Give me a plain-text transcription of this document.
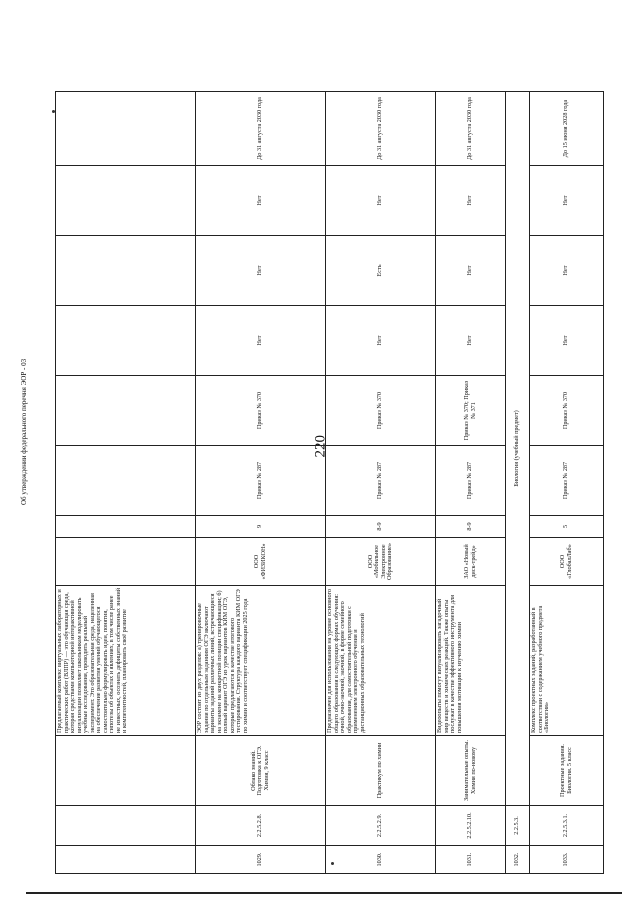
220
			Предлагаемый комплекс виртуальных лабораторных и практических работ (ВЛПР) — это обучающая среда, которая средствами компьютерной интерактивной визуализации позволяет школьникам моделировать учебные исследования, проводить реальный эксперимент. Это образовательная среда, нацеленная на обеспечение развития умений обучающегося самостоятельно формулировать идеи, понятия, гипотезы об объектах и явлениях, в том числе ранее не известных, осознать дефициты собственных знаний и компетентностей, планировать своё развитие								
1029.	2.2.5.2.8.	Облако знаний. Подготовка к ОГЭ. Химия, 9 класс	ЭОР состоит из двух разделов: а) тренировочные задания по отдельным заданиям ОГЭ включают варианты заданий различных линий, встречающиеся на экзамене на конкретной позиции спецификации; б) полный вариант ОГЭ из урок вариантов КИМ ОГЭ, которые предлагаются в качестве итогового тестирования. Структура каждого варианта КИМ ОГЭ по химии и соответствует спецификации 2025 года	ООО «ФИЗИКОН»	9	Приказ № 287	Приказ № 370	Нет	Нет	Нет	До 31 августа 2030 года
1030.	2.2.5.2.9.	Практикум по химии	Предназначен для использования на уровне основного общего образования в следующих формах обучения: очной, очно-заочной, заочной, в форме семейного образования, для самостоятельной подготовки с применением электронного обучения и дистанционных образовательных технологий	ООО «Мобильное Электронное Образование»	8-9	Приказ № 287	Приказ № 370	Нет	Есть	Нет	До 31 августа 2030 года
1031.	2.2.5.2.10.	Занимательные опыты. Химия по-новому	Видеоопыты помогут визуализировать загадочный мир веществ и химических реакций. Также опыты послужат в качестве эффективного инструмента для повышения мотивации к изучению химии	ЗАО «Новый диск-трейд»	8-9	Приказ № 287	Приказ № 370; Приказ № 371	Нет	Нет	Нет	До 31 августа 2030 года
1032.	2.2.5.3.	Биология (учебный предмет)									
1033.	2.2.5.3.1.	Проектные задания. Биология. 5 класс	Комплекс проектных заданий, разработанный в соответствии с содержанием учебного предмета «Биология»	ООО «ГлобалЛаб»	5	Приказ № 287	Приказ № 370	Нет	Нет	Нет	До 15 июня 2028 года
Об утверждении федерального перечня ЭОР - 03
